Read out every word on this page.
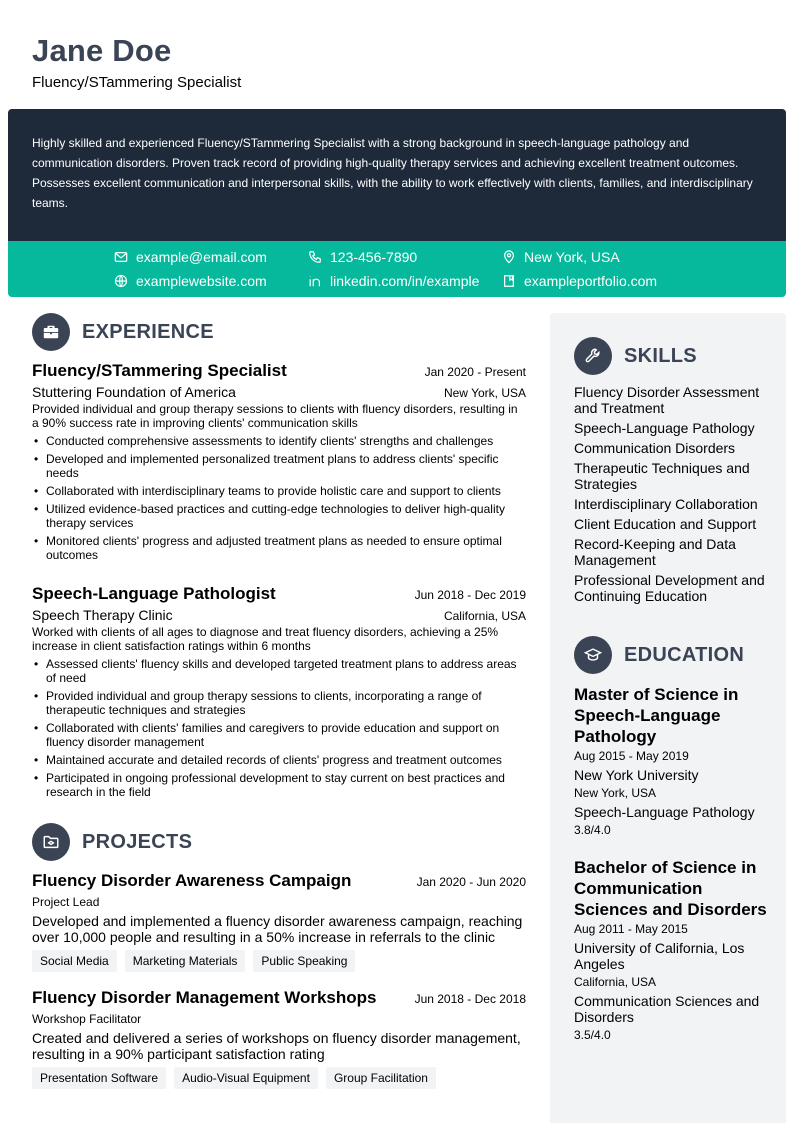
Jane Doe
Fluency/STammering Specialist

Highly skilled and experienced Fluency/STammering Specialist with a strong background in speech-language pathology and communication disorders. Proven track record of providing high-quality therapy services and achieving excellent treatment outcomes. Possesses excellent communication and interpersonal skills, with the ability to work effectively with clients, families, and interdisciplinary teams.

example@email.com	123-456-7890	New York, USA
examplewebsite.com	linkedin.com/in/example	exampleportfolio.com
EXPERIENCE
Fluency/STammering Specialist	Jan 2020 - Present
Stuttering Foundation of America	New York, USA
Provided individual and group therapy sessions to clients with fluency disorders, resulting in a 90% success rate in improving clients' communication skills
• Conducted comprehensive assessments to identify clients' strengths and challenges
• Developed and implemented personalized treatment plans to address clients' specific needs
• Collaborated with interdisciplinary teams to provide holistic care and support to clients
• Utilized evidence-based practices and cutting-edge technologies to deliver high-quality therapy services
• Monitored clients' progress and adjusted treatment plans as needed to ensure optimal outcomes
Speech-Language Pathologist	Jun 2018 - Dec 2019
Speech Therapy Clinic	California, USA
Worked with clients of all ages to diagnose and treat fluency disorders, achieving a 25% increase in client satisfaction ratings within 6 months
• Assessed clients' fluency skills and developed targeted treatment plans to address areas of need
• Provided individual and group therapy sessions to clients, incorporating a range of therapeutic techniques and strategies
• Collaborated with clients' families and caregivers to provide education and support on fluency disorder management
• Maintained accurate and detailed records of clients' progress and treatment outcomes
• Participated in ongoing professional development to stay current on best practices and research in the field
PROJECTS
Fluency Disorder Awareness Campaign	Jan 2020 - Jun 2020
Project Lead
Developed and implemented a fluency disorder awareness campaign, reaching over 10,000 people and resulting in a 50% increase in referrals to the clinic
Social Media	Marketing Materials	Public Speaking
Fluency Disorder Management Workshops	Jun 2018 - Dec 2018
Workshop Facilitator
Created and delivered a series of workshops on fluency disorder management, resulting in a 90% participant satisfaction rating
Presentation Software	Audio-Visual Equipment	Group Facilitation
SKILLS
Fluency Disorder Assessment and Treatment
Speech-Language Pathology
Communication Disorders
Therapeutic Techniques and Strategies
Interdisciplinary Collaboration
Client Education and Support
Record-Keeping and Data Management
Professional Development and Continuing Education
EDUCATION
Master of Science in Speech-Language Pathology
Aug 2015 - May 2019
New York University
New York, USA
Speech-Language Pathology
3.8/4.0
Bachelor of Science in Communication Sciences and Disorders
Aug 2011 - May 2015
University of California, Los Angeles
California, USA
Communication Sciences and Disorders
3.5/4.0
